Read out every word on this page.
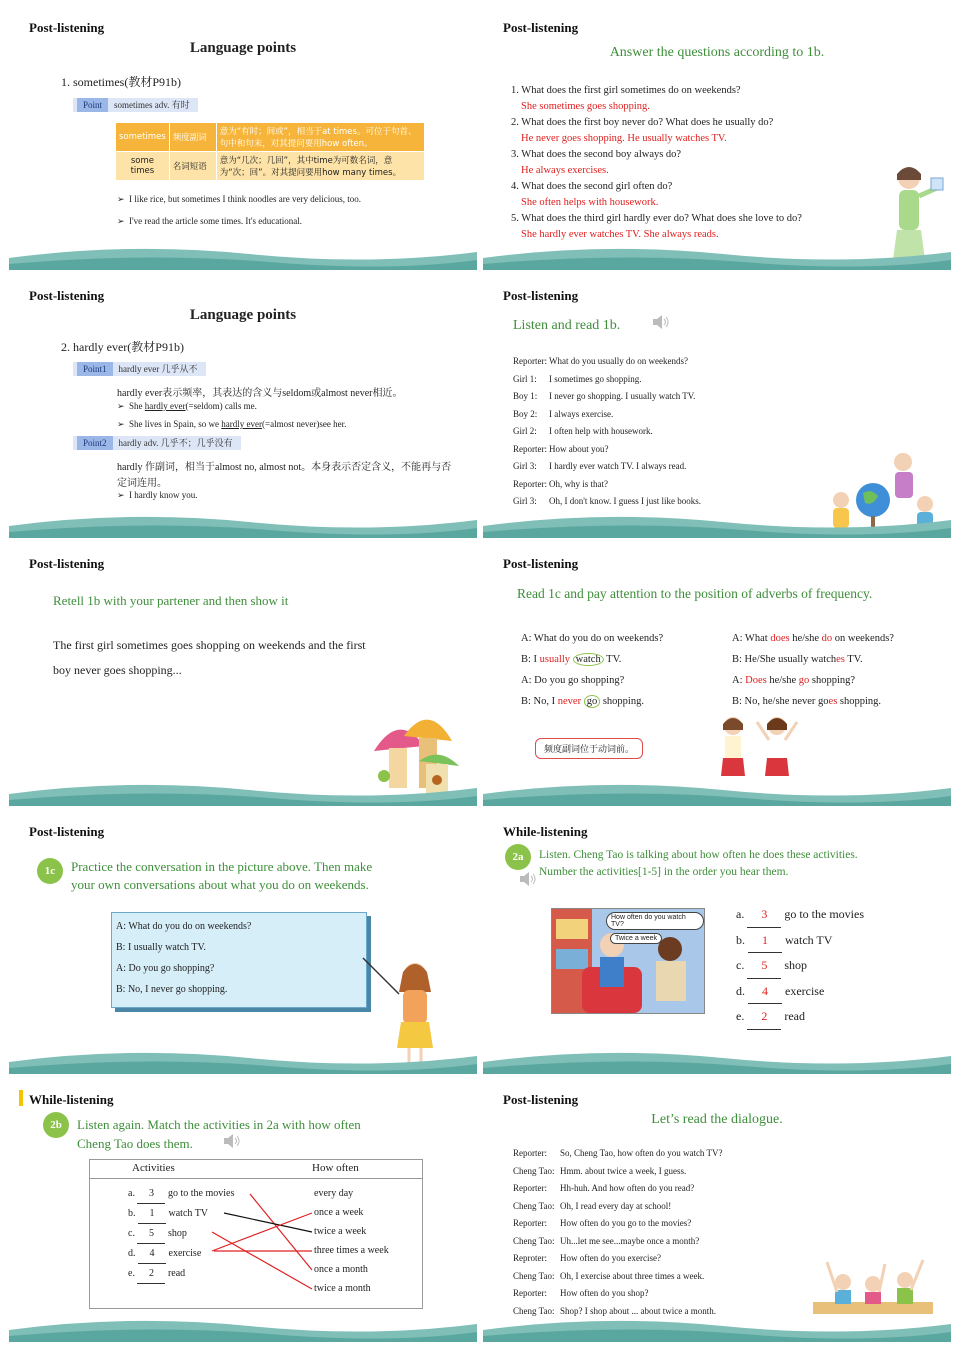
Post-listening
Language points
1. sometimes(教材P91b)
Point sometimes adv. 有时
sometimes	频度副词	意为“有时；间或”，相当于at times。可位于句首、句中和句末，对其提问要用how often。
some times	名词短语	意为“几次；几回”，其中time为可数名词，意为“次；回”。对其提问要用how many times。
➢  I like rice, but sometimes I think noodles are very delicious, too.
➢  I've read the article some times. It's educational.
Post-listening
Answer the questions according to 1b.
1. What does the first girl sometimes do on weekends?
She sometimes goes shopping.
2. What does the first boy never do? What does he usually do?
He never goes shopping. He usually watches TV.
3. What does the second boy always do?
He always exercises.
4. What does the second girl often do?
She often helps with housework.
5. What does the third girl hardly ever do? What does she love to do?
She hardly ever watches TV. She always reads.
Post-listening
Language points
2. hardly ever(教材P91b)
Point1 hardly ever 几乎从不
hardly ever表示频率，其表达的含义与seldom或almost never相近。
➢  She hardly ever(=seldom) calls me.
➢  She lives in Spain, so we hardly ever(=almost never)see her.
Point2 hardly adv. 几乎不；几乎没有
hardly 作副词，相当于almost no, almost not。本身表示否定含义，不能再与否
定词连用。
➢  I hardly know you.
Post-listening
Listen and read 1b.
Reporter: What do you usually do on weekends?
Girl 1: I sometimes go shopping.
Boy 1: I never go shopping. I usually watch TV.
Boy 2: I always exercise.
Girl 2: I often help with housework.
Reporter: How about you?
Girl 3: I hardly ever watch TV. I always read.
Reporter: Oh, why is that?
Girl 3: Oh, I don't know. I guess I just like books.
Post-listening
Retell 1b with your partener and then show it
The first girl sometimes goes shopping on weekends and the first
boy never goes shopping...
Post-listening
Read 1c and pay attention to the position of adverbs of frequency.
A: What do you do on weekends?
B: I usually watch TV.
A: Do you go shopping?
B: No, I never go shopping.
A: What does he/she do on weekends?
B: He/She usually watches TV.
A: Does he/she go shopping?
B: No, he/she never goes shopping.
频度副词位于动词前。
Post-listening
1c	Practice the conversation in the picture above. Then make
your own conversations about what you do on weekends.
A: What do you do on weekends?
B: I usually watch TV.
A: Do you go shopping?
B: No, I never go shopping.
While-listening
2a	Listen. Cheng Tao is talking about how often he does these activities.
Number the activities[1-5] in the order you hear them.
How often do you watch TV?
Twice a week
a. 3 go to the movies
b. 1 watch TV
c. 5 shop
d. 4 exercise
e. 2 read
While-listening
2b	Listen again. Match the activities in 2a with how often
Cheng Tao does them.
Activities	How often
a. 3 go to the movies
b. 1 watch TV
c. 5 shop
d. 4 exercise
e. 2 read
every day
once a week
twice a week
three times a week
once a month
twice a month
Post-listening
Let’s read the dialogue.
Reporter: So, Cheng Tao, how often do you watch TV?
Cheng Tao: Hmm. about twice a week, I guess.
Reporter: Hh-huh. And how often do you read?
Cheng Tao: Oh, I read every day at school!
Reporter: How often do you go to the movies?
Cheng Tao: Uh...let me see...maybe once a month?
Reproter: How often do you exercise?
Cheng Tao: Oh, I exercise about three times a week.
Reporter: How often do you shop?
Cheng Tao: Shop? I shop about ... about twice a month.
